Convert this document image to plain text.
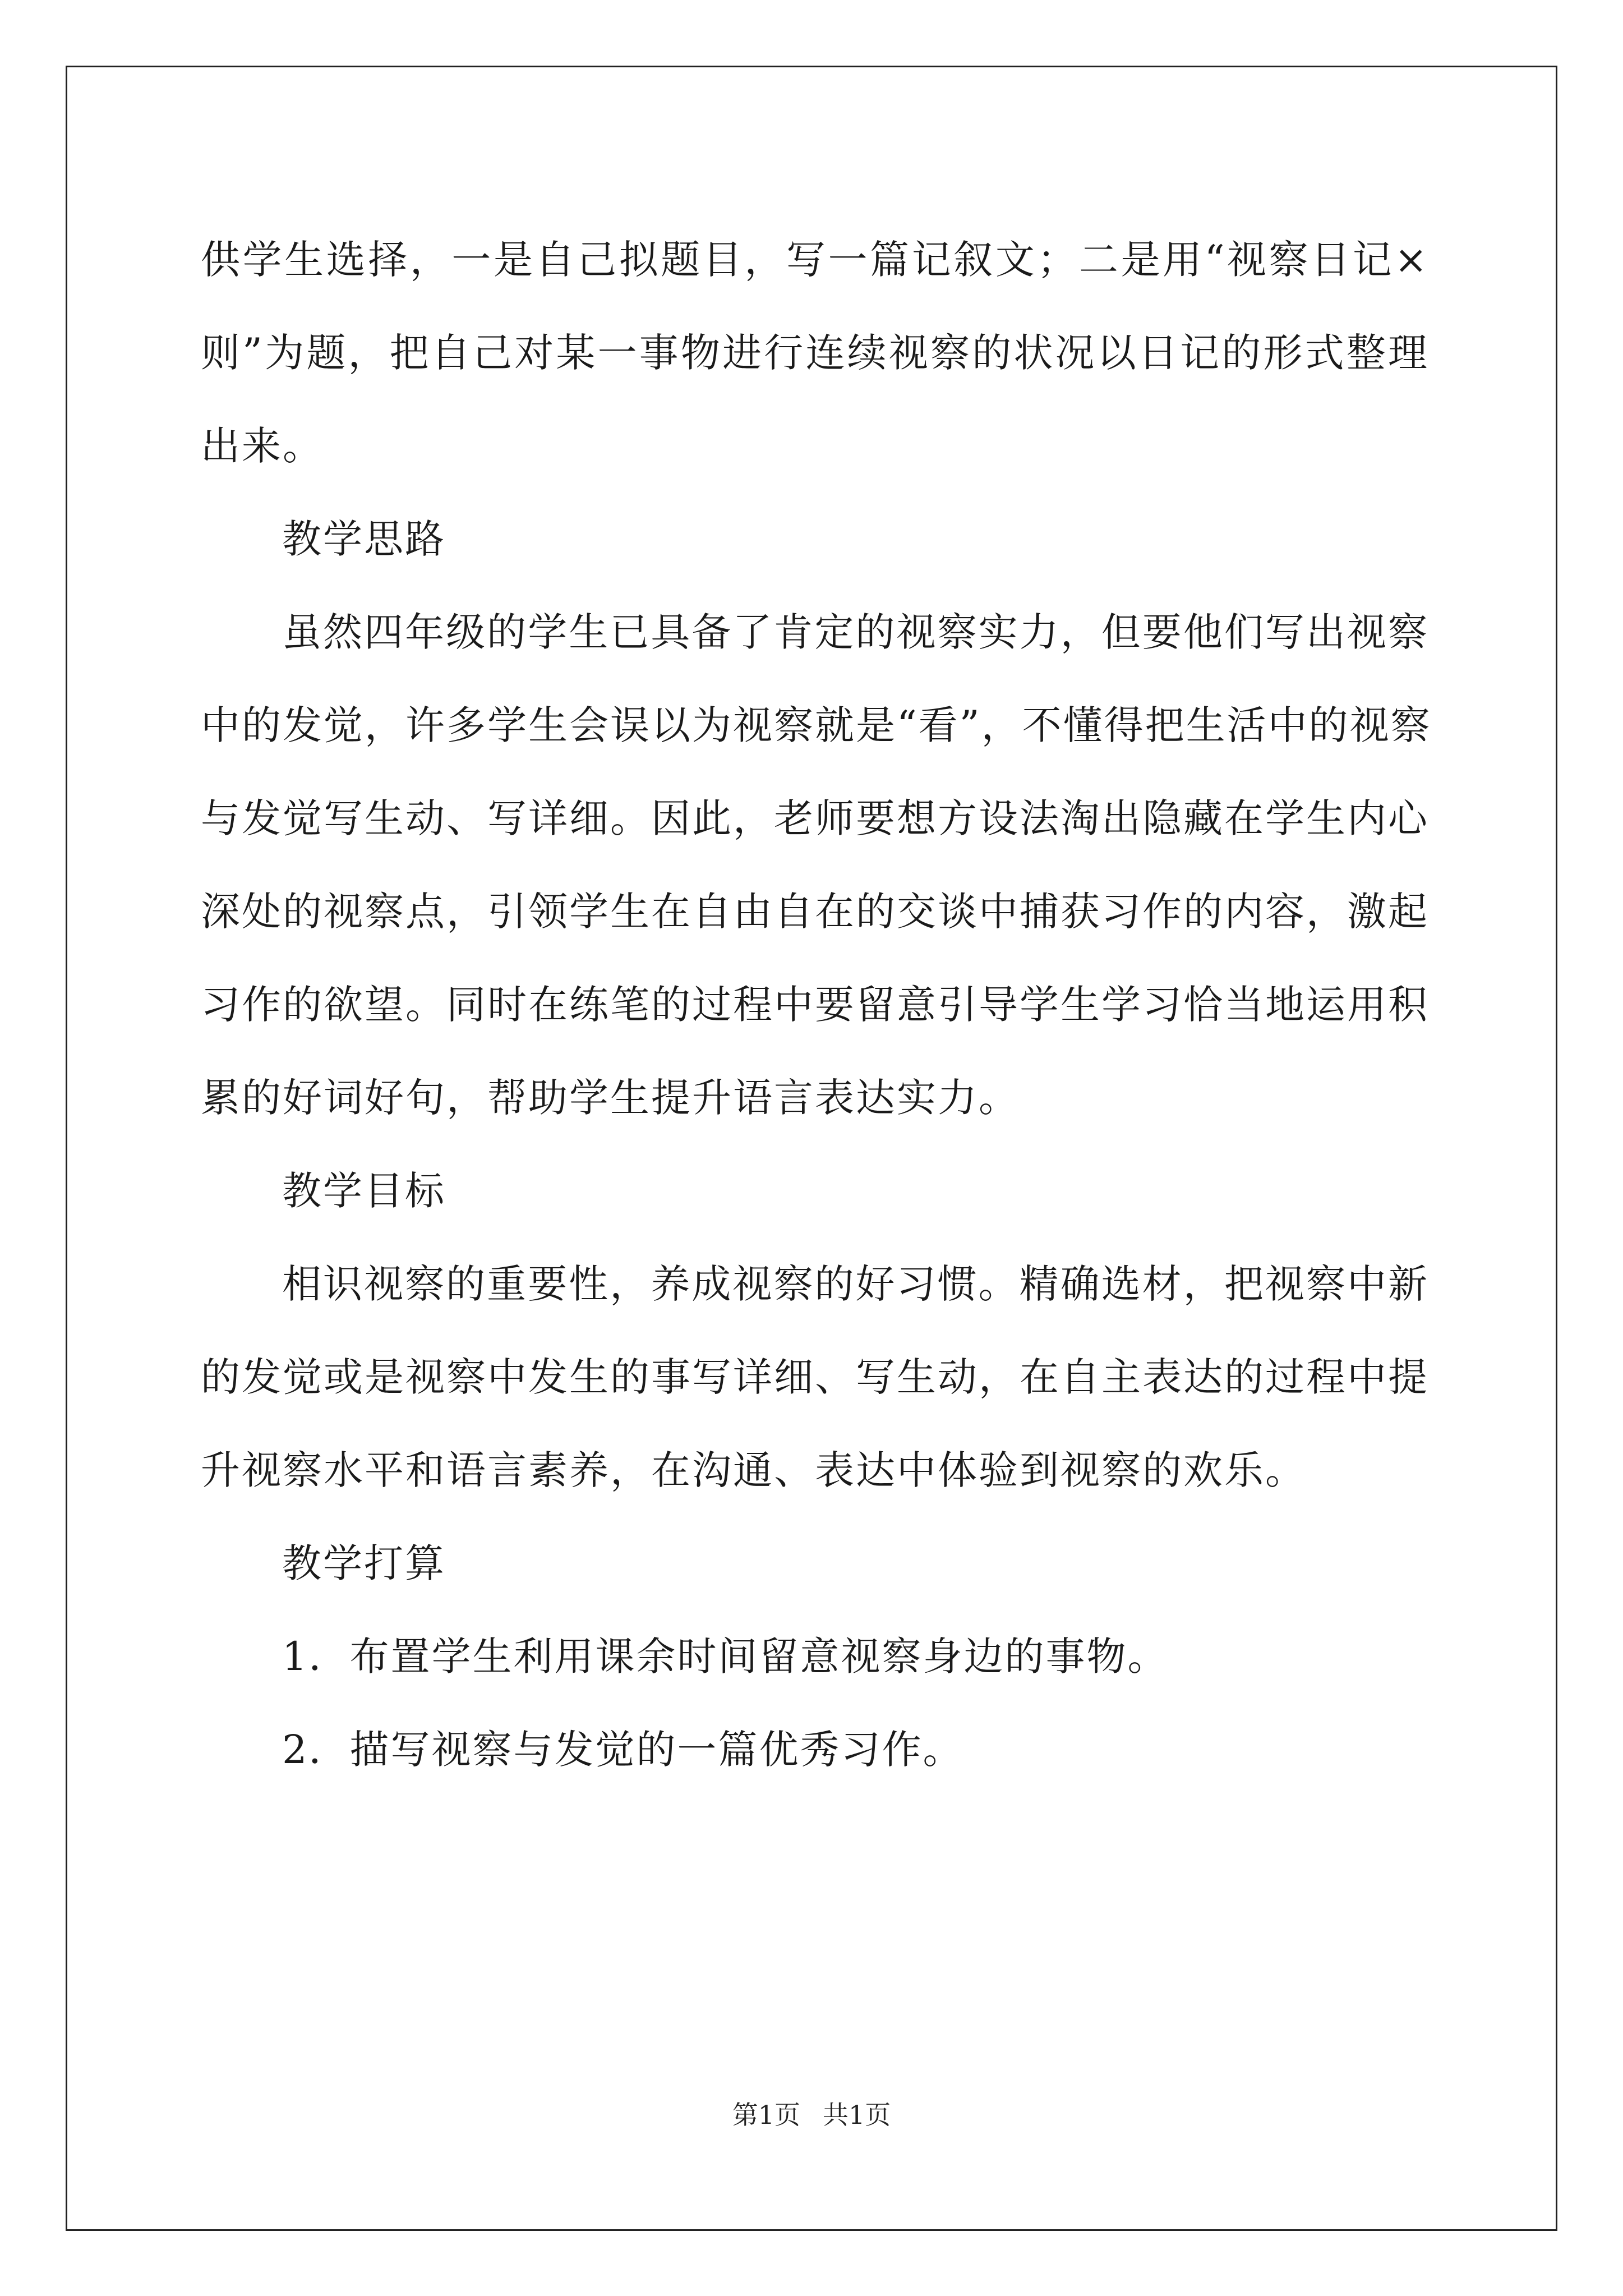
供学生选择，一是自己拟题目，写一篇记叙文；二是用“视察日记×
则”为题，把自己对某一事物进行连续视察的状况以日记的形式整理
出来。
教学思路
虽然四年级的学生已具备了肯定的视察实力，但要他们写出视察
中的发觉，许多学生会误以为视察就是“看”，不懂得把生活中的视察
与发觉写生动、写详细。因此，老师要想方设法淘出隐藏在学生内心
深处的视察点，引领学生在自由自在的交谈中捕获习作的内容，激起
习作的欲望。同时在练笔的过程中要留意引导学生学习恰当地运用积
累的好词好句，帮助学生提升语言表达实力。
教学目标
相识视察的重要性，养成视察的好习惯。精确选材，把视察中新
的发觉或是视察中发生的事写详细、写生动，在自主表达的过程中提
升视察水平和语言素养，在沟通、表达中体验到视察的欢乐。
教学打算
1．布置学生利用课余时间留意视察身边的事物。
2．描写视察与发觉的一篇优秀习作。
第1页 共1页
